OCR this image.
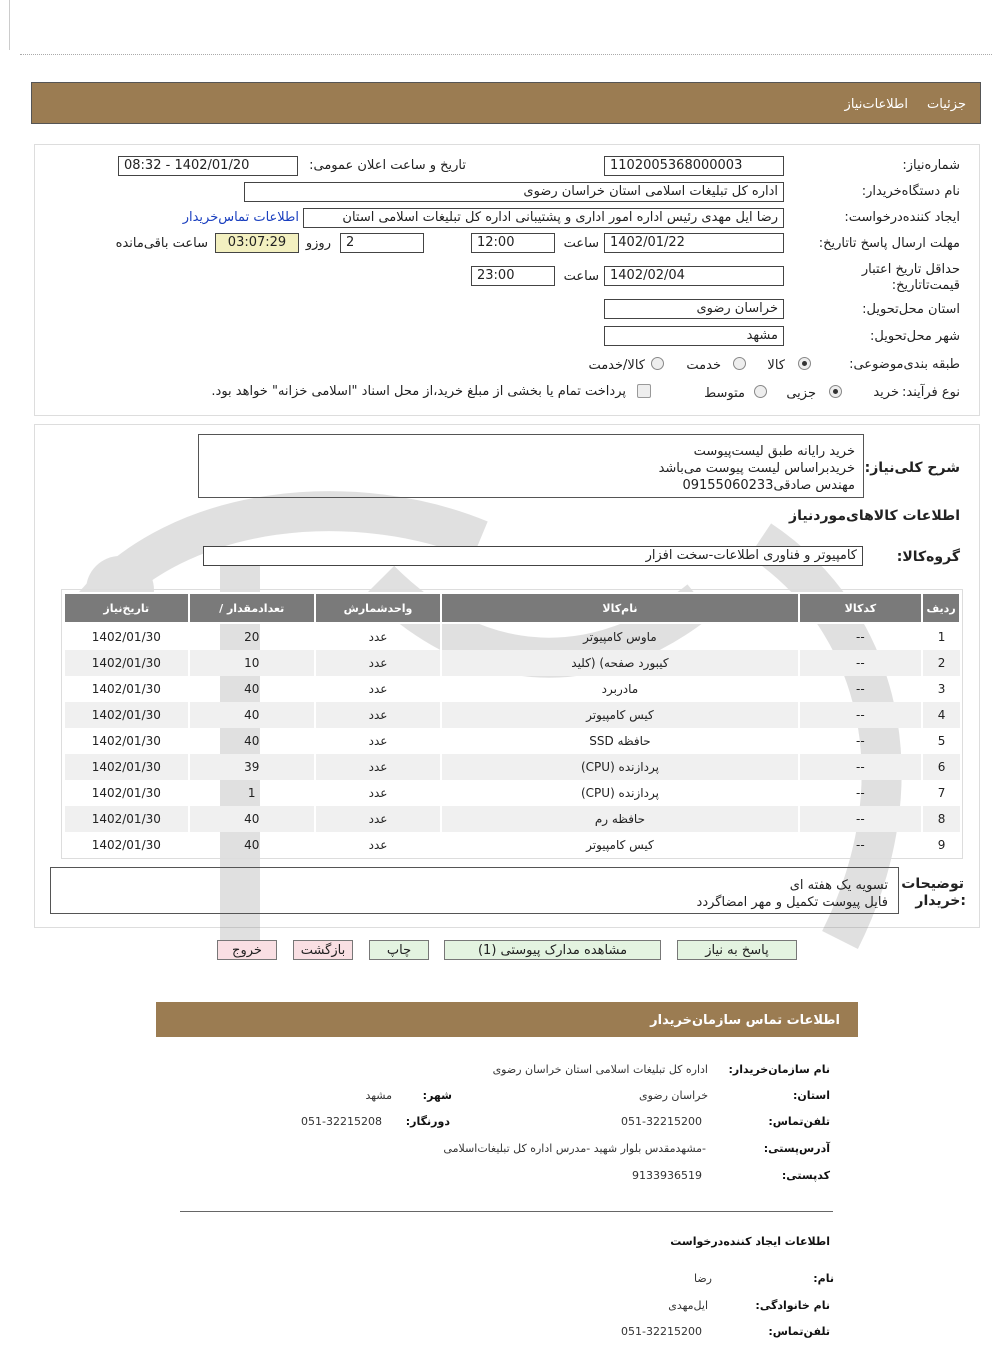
جزئیات
اطلاعات‌نیاز
شماره‌نیاز:
1102005368000003
تاریخ و ساعت اعلان عمومی:
1402/01/20 - 08:32
نام دستگاه‌خریدار:
اداره کل تبلیغات اسلامی استان خراسان رضوی
ایجاد کننده‌درخواست:
رضا ایل مهدی رئیس اداره امور اداری و پشتیبانی اداره کل تبلیغات اسلامی استان
اطلاعات تماس‌خریدار
مهلت ارسال پاسخ تا‌تاریخ:
1402/01/22
ساعت
12:00
2
روزو
03:07:29
ساعت باقی‌مانده
حداقل تاریخ اعتبار قیمت‌تا‌تاریخ:
1402/02/04
ساعت
23:00
استان محل‌تحویل:
خراسان رضوی
شهر محل‌تحویل:
مشهد
طبقه بندی‌موضوعی:
کالا
خدمت
کالا/خدمت
نوع فرآیند:
خرید
جزیی
متوسط
پرداخت تمام یا بخشی از مبلغ خرید،از محل اسناد "اسلامی خزانه" خواهد بود.
شرح کلی‌نیاز:
خرید رایانه طبق لیست‌پیوست
خرید‌براساس لیست پیوست می‌باشد
مهندس صادقی09155060233
اطلاعات کالاهای‌مورد‌نیاز
گروه‌کالا:
کامپیوتر و فناوری اطلاعات-سخت افزار
ردیف	کدکالا	نام‌کالا	واحدشمارش	تعداد‌مقدار /	تاریخ‌نیاز
1	--	ماوس کامپیوتر	عدد	20	1402/01/30
2	--	کیبورد صفحه) (کلید	عدد	10	1402/01/30
3	--	مادربرد	عدد	40	1402/01/30
4	--	کیس کامپیوتر	عدد	40	1402/01/30
5	--	حافظه SSD	عدد	40	1402/01/30
6	--	پردازنده (CPU)	عدد	39	1402/01/30
7	--	پردازنده (CPU)	عدد	1	1402/01/30
8	--	حافظه رم	عدد	40	1402/01/30
9	--	کیس کامپیوتر	عدد	40	1402/01/30
توضیحات
:خریدار
تسویه یک هفته ای
فایل پیوست تکمیل و مهر امضاگردد
پاسخ به نیاز
مشاهده مدارک پیوستی (1)
چاپ
بازگشت
خروج
اطلاعات تماس سازمان‌خریدار
نام سازمان‌خریدار:
اداره کل تبلیغات اسلامی استان خراسان رضوی
استان:
خراسان رضوی
شهر:
مشهد
تلفن‌تماس:
051-32215200
دورنگار:
051-32215208
آدرس‌پستی:
-مشهدمقدس بلوار شهید -مدرس اداره کل تبلیغات‌اسلامی
کد‌پستی:
9133936519
اطلاعات ایجاد کننده‌درخواست
نام:
رضا
نام خانوادگی:
ایل‌مهدی
تلفن‌تماس:
051-32215200
